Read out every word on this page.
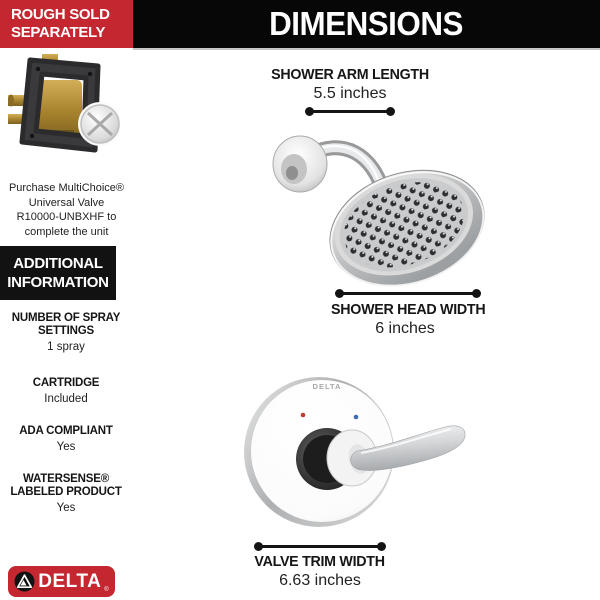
ROUGH SOLD SEPARATELY
Purchase MultiChoice®
Universal Valve
R10000-UNBXHF to
complete the unit
ADDITIONAL INFORMATION
NUMBER OF SPRAY SETTINGS
1 spray
CARTRIDGE
Included
ADA COMPLIANT
Yes
WATERSENSE® LABELED PRODUCT
Yes
DELTA ®
DIMENSIONS
SHOWER ARM LENGTH
5.5 inches
SHOWER HEAD WIDTH
6 inches
DELTA
VALVE TRIM WIDTH
6.63 inches
